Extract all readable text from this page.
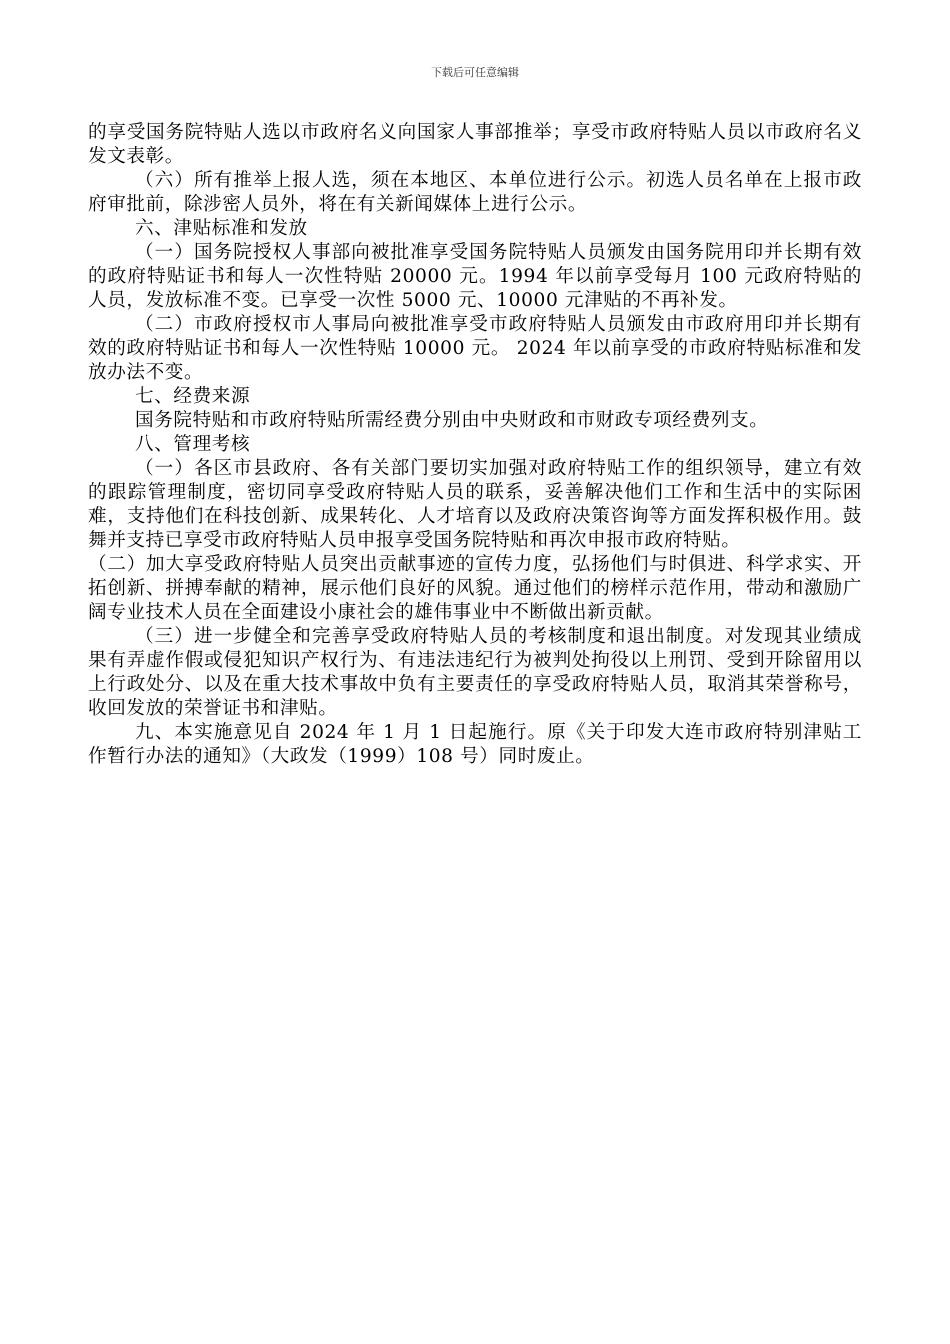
下载后可任意编辑

的享受国务院特贴人选以市政府名义向国家人事部推举；享受市政府特贴人员以市政府名义发文表彰。

（六）所有推举上报人选，须在本地区、本单位进行公示。初选人员名单在上报市政府审批前，除涉密人员外，将在有关新闻媒体上进行公示。

六、津贴标准和发放

（一）国务院授权人事部向被批准享受国务院特贴人员颁发由国务院用印并长期有效的政府特贴证书和每人一次性特贴 20000 元。1994 年以前享受每月 100 元政府特贴的人员，发放标准不变。已享受一次性 5000 元、10000 元津贴的不再补发。

（二）市政府授权市人事局向被批准享受市政府特贴人员颁发由市政府用印并长期有效的政府特贴证书和每人一次性特贴 10000 元。 2024 年以前享受的市政府特贴标准和发放办法不变。

七、经费来源

国务院特贴和市政府特贴所需经费分别由中央财政和市财政专项经费列支。

八、管理考核

（一）各区市县政府、各有关部门要切实加强对政府特贴工作的组织领导，建立有效的跟踪管理制度，密切同享受政府特贴人员的联系，妥善解决他们工作和生活中的实际困难，支持他们在科技创新、成果转化、人才培育以及政府决策咨询等方面发挥积极作用。鼓舞并支持已享受市政府特贴人员申报享受国务院特贴和再次申报市政府特贴。

（二）加大享受政府特贴人员突出贡献事迹的宣传力度，弘扬他们与时俱进、科学求实、开拓创新、拼搏奉献的精神，展示他们良好的风貌。通过他们的榜样示范作用，带动和激励广阔专业技术人员在全面建设小康社会的雄伟事业中不断做出新贡献。

（三）进一步健全和完善享受政府特贴人员的考核制度和退出制度。对发现其业绩成果有弄虚作假或侵犯知识产权行为、有违法违纪行为被判处拘役以上刑罚、受到开除留用以上行政处分、以及在重大技术事故中负有主要责任的享受政府特贴人员，取消其荣誉称号，收回发放的荣誉证书和津贴。

九、本实施意见自 2024 年 1 月 1 日起施行。原《关于印发大连市政府特别津贴工作暂行办法的通知》（大政发（1999）108 号）同时废止。
